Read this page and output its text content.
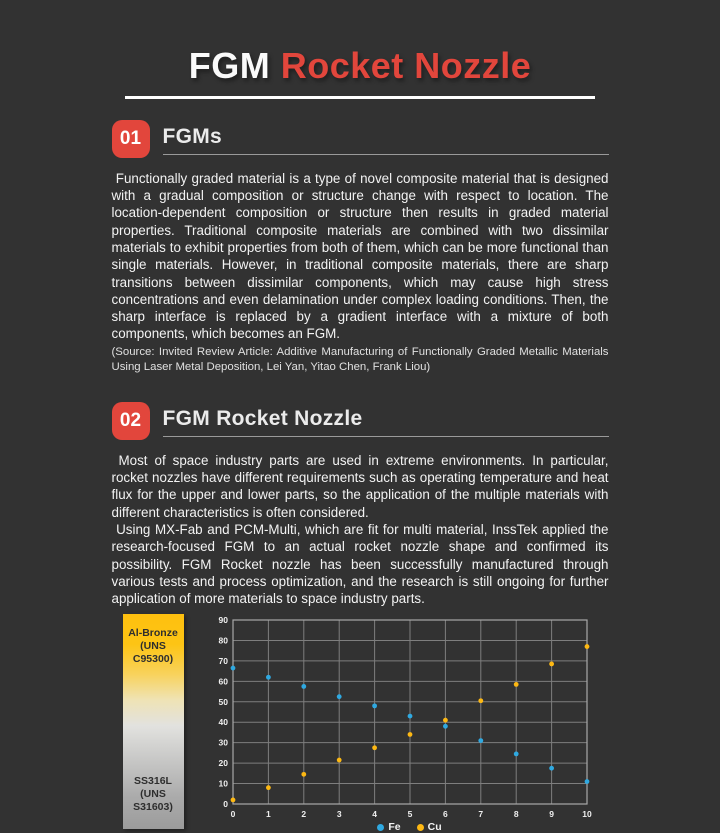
FGM Rocket Nozzle
01	FGMs

Functionally graded material is a type of novel composite material that is designed with a gradual composition or structure change with respect to location. The location-dependent composition or structure then results in graded material properties. Traditional composite materials are combined with two dissimilar materials to exhibit properties from both of them, which can be more functional than single materials. However, in traditional composite materials, there are sharp transitions between dissimilar components, which may cause high stress concentrations and even delamination under complex loading conditions. Then, the sharp interface is replaced by a gradient interface with a mixture of both components, which becomes an FGM.

(Source: Invited Review Article: Additive Manufacturing of Functionally Graded Metallic Materials Using Laser Metal Deposition, Lei Yan, Yitao Chen, Frank Liou)

02	FGM Rocket Nozzle

Most of space industry parts are used in extreme environments. In particular, rocket nozzles have different requirements such as operating temperature and heat flux for the upper and lower parts, so the application of the multiple materials with different characteristics is often considered.

Using MX-Fab and PCM-Multi, which are fit for multi material, InssTek applied the research-focused FGM to an actual rocket nozzle shape and confirmed its possibility. FGM Rocket nozzle has been successfully manufactured through various tests and process optimization, and the research is still ongoing for further application of more materials to space industry parts.

Al-Bronze
(UNS C95300)
SS316L
(UNS S31603)	0
10
20
30
40
50
60
70
80
90
0	1	2	3	4	5	6	7	8	9	10
Fe	Cu
